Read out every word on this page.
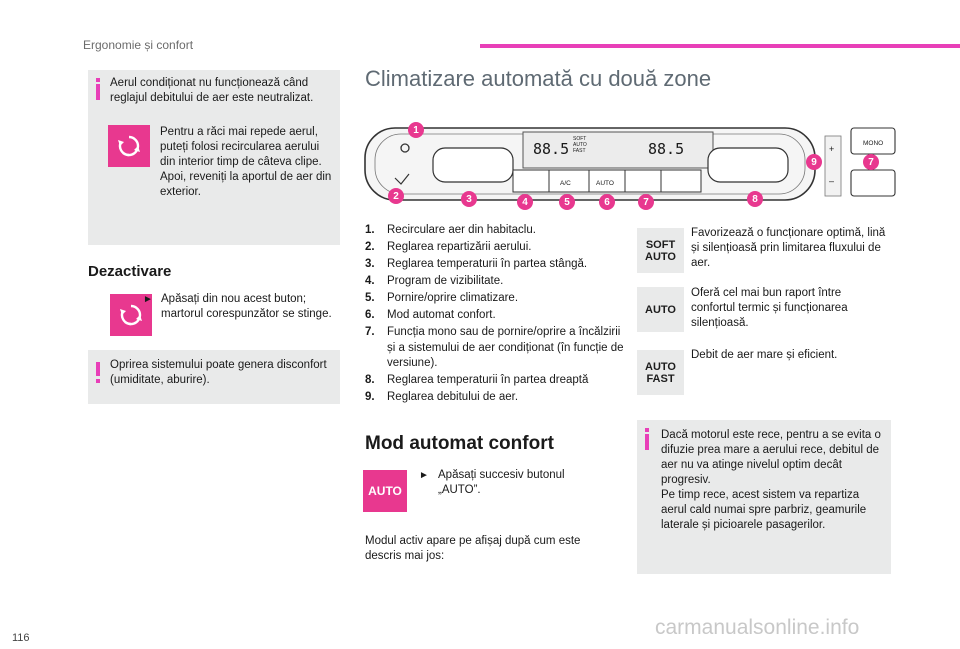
Ergonomie și confort
Aerul condiționat nu funcționează când reglajul debitului de aer este neutralizat.
Pentru a răci mai repede aerul, puteți folosi recircularea aerului din interior timp de câteva clipe. Apoi, reveniți la aportul de aer din exterior.
Dezactivare
► Apăsați din nou acest buton; martorul corespunzător se stinge.
Oprirea sistemului poate genera disconfort (umiditate, aburire).
Climatizare automată cu două zone
88.5
SOFT
AUTO
FAST	88.5
A/C	AUTO
MONO
+
–
1
2	3	4	5	6	7	8
9	7
1.	Recirculare aer din habitaclu.
2.	Reglarea repartizării aerului.
3.	Reglarea temperaturii în partea stângă.
4.	Program de vizibilitate.
5.	Pornire/oprire climatizare.
6.	Mod automat confort.
7.	Funcția mono sau de pornire/oprire a încălzirii și a sistemului de aer condiționat (în funcție de versiune).
8.	Reglarea temperaturii în partea dreaptă
9.	Reglarea debitului de aer.
Mod automat confort
AUTO
► Apăsați succesiv butonul „AUTO”.
Modul activ apare pe afișaj după cum este descris mai jos:
SOFT
AUTO
Favorizează o funcționare optimă, lină și silențioasă prin limitarea fluxului de aer.
AUTO
Oferă cel mai bun raport între confortul termic și funcționarea silențioasă.
AUTO
FAST
Debit de aer mare și eficient.
Dacă motorul este rece, pentru a se evita o difuzie prea mare a aerului rece, debitul de aer nu va atinge nivelul optim decât progresiv.
Pe timp rece, acest sistem va repartiza aerul cald numai spre parbriz, geamurile laterale și picioarele pasagerilor.
116	carmanualsonline.info
